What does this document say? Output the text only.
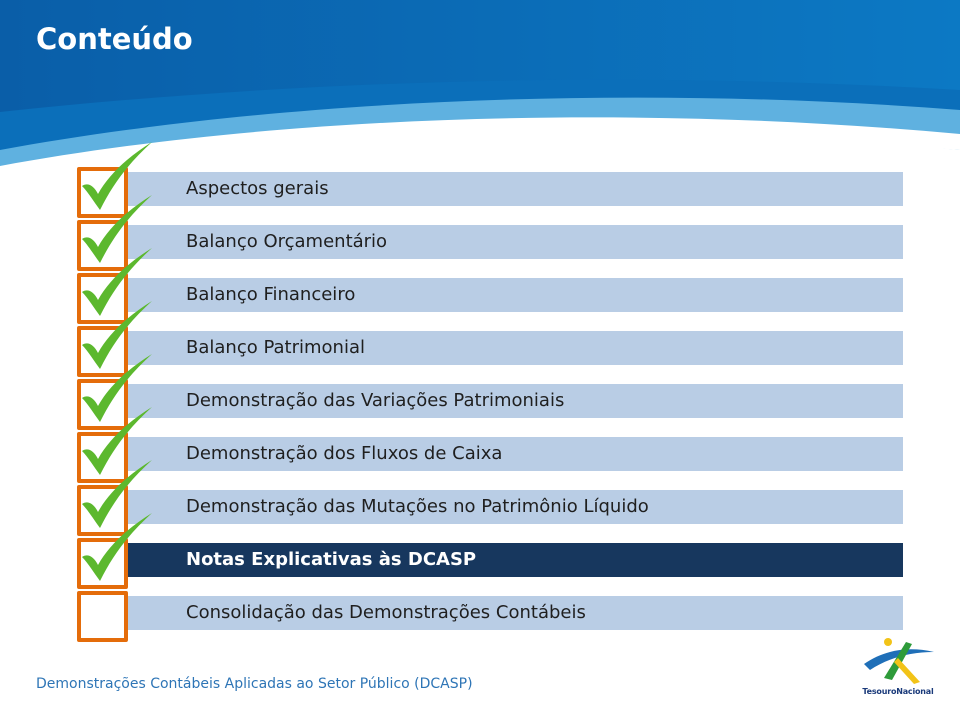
Conteúdo
Aspectos gerais
Balanço Orçamentário
Balanço Financeiro
Balanço Patrimonial
Demonstração das Variações Patrimoniais
Demonstração dos Fluxos de Caixa
Demonstração das Mutações no Patrimônio Líquido
Notas Explicativas às DCASP
Consolidação das Demonstrações Contábeis
Demonstrações Contábeis Aplicadas ao Setor Público (DCASP)	TesouroNacional
